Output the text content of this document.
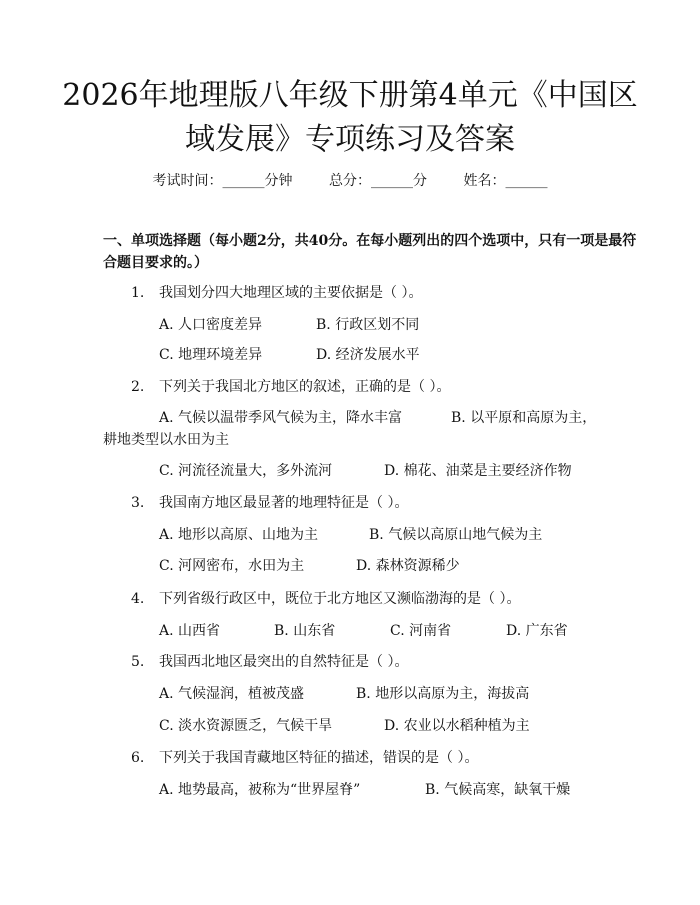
2026年地理版八年级下册第4单元《中国区
域发展》专项练习及答案
考试时间：______分钟	总分：______分	姓名：______
一、单项选择题（每小题2分，共40分。在每小题列出的四个选项中，只有一项是最符合题目要求的。）
1. 我国划分四大地理区域的主要依据是（ ）。
A. 人口密度差异	B. 行政区划不同
C. 地理环境差异	D. 经济发展水平
2. 下列关于我国北方地区的叙述，正确的是（ ）。
A. 气候以温带季风气候为主，降水丰富	B. 以平原和高原为主，
耕地类型以水田为主
C. 河流径流量大，多外流河	D. 棉花、油菜是主要经济作物
3. 我国南方地区最显著的地理特征是（ ）。
A. 地形以高原、山地为主	B. 气候以高原山地气候为主
C. 河网密布，水田为主	D. 森林资源稀少
4. 下列省级行政区中，既位于北方地区又濒临渤海的是（ ）。
A. 山西省	B. 山东省	C. 河南省	D. 广东省
5. 我国西北地区最突出的自然特征是（ ）。
A. 气候湿润，植被茂盛	B. 地形以高原为主，海拔高
C. 淡水资源匮乏，气候干旱	D. 农业以水稻种植为主
6. 下列关于我国青藏地区特征的描述，错误的是（ ）。
A. 地势最高，被称为“世界屋脊”	B. 气候高寒，缺氧干燥
